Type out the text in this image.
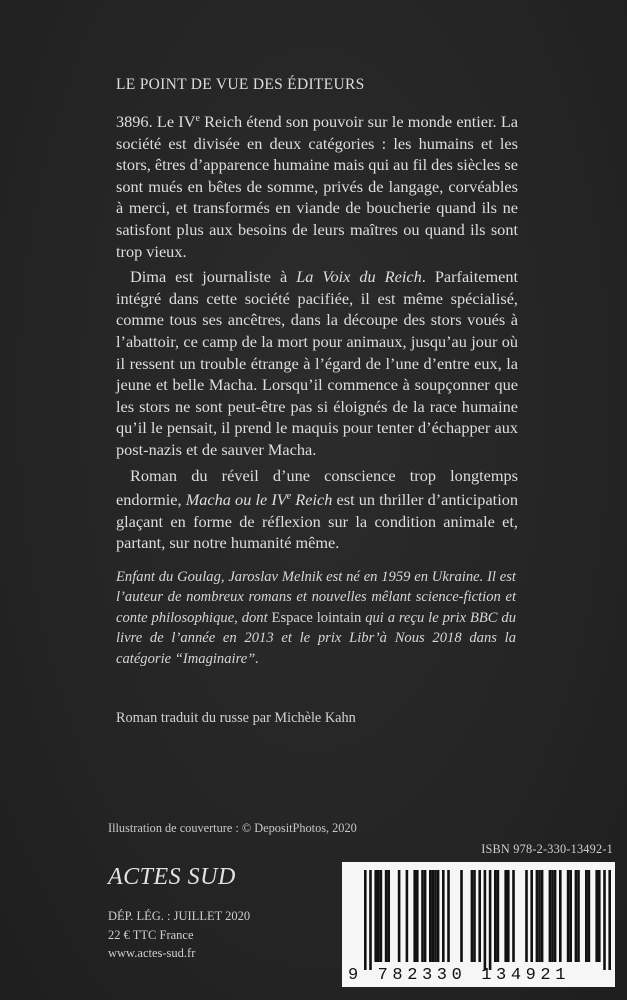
LE POINT DE VUE DES ÉDITEURS

3896. Le IVe Reich étend son pouvoir sur le monde entier. La société est divisée en deux catégories : les humains et les stors, êtres d’apparence humaine mais qui au fil des siècles se sont mués en bêtes de somme, privés de langage, corvéables à merci, et transformés en viande de boucherie quand ils ne satisfont plus aux besoins de leurs maîtres ou quand ils sont trop vieux.

Dima est journaliste à La Voix du Reich. Parfaitement intégré dans cette société pacifiée, il est même spécialisé, comme tous ses ancêtres, dans la découpe des stors voués à l’abattoir, ce camp de la mort pour animaux, jusqu’au jour où il ressent un trouble étrange à l’égard de l’une d’entre eux, la jeune et belle Macha. Lorsqu’il commence à soupçonner que les stors ne sont peut-être pas si éloignés de la race humaine qu’il le pensait, il prend le maquis pour tenter d’échapper aux post-nazis et de sauver Macha.

Roman du réveil d’une conscience trop longtemps endormie, Macha ou le IVe Reich est un thriller d’anticipation glaçant en forme de réflexion sur la condition animale et, partant, sur notre humanité même.

Enfant du Goulag, Jaroslav Melnik est né en 1959 en Ukraine. Il est l’auteur de nombreux romans et nouvelles mêlant science-fiction et conte philosophique, dont Espace lointain qui a reçu le prix BBC du livre de l’année en 2013 et le prix Libr’à Nous 2018 dans la catégorie “Imaginaire”.
Roman traduit du russe par Michèle Kahn
Illustration de couverture : © DepositPhotos, 2020
ISBN 978-2-330-13492-1
ACTES SUD
DÉP. LÉG. : JUILLET 2020
22 € TTC France
www.actes-sud.fr
9 782330 134921
